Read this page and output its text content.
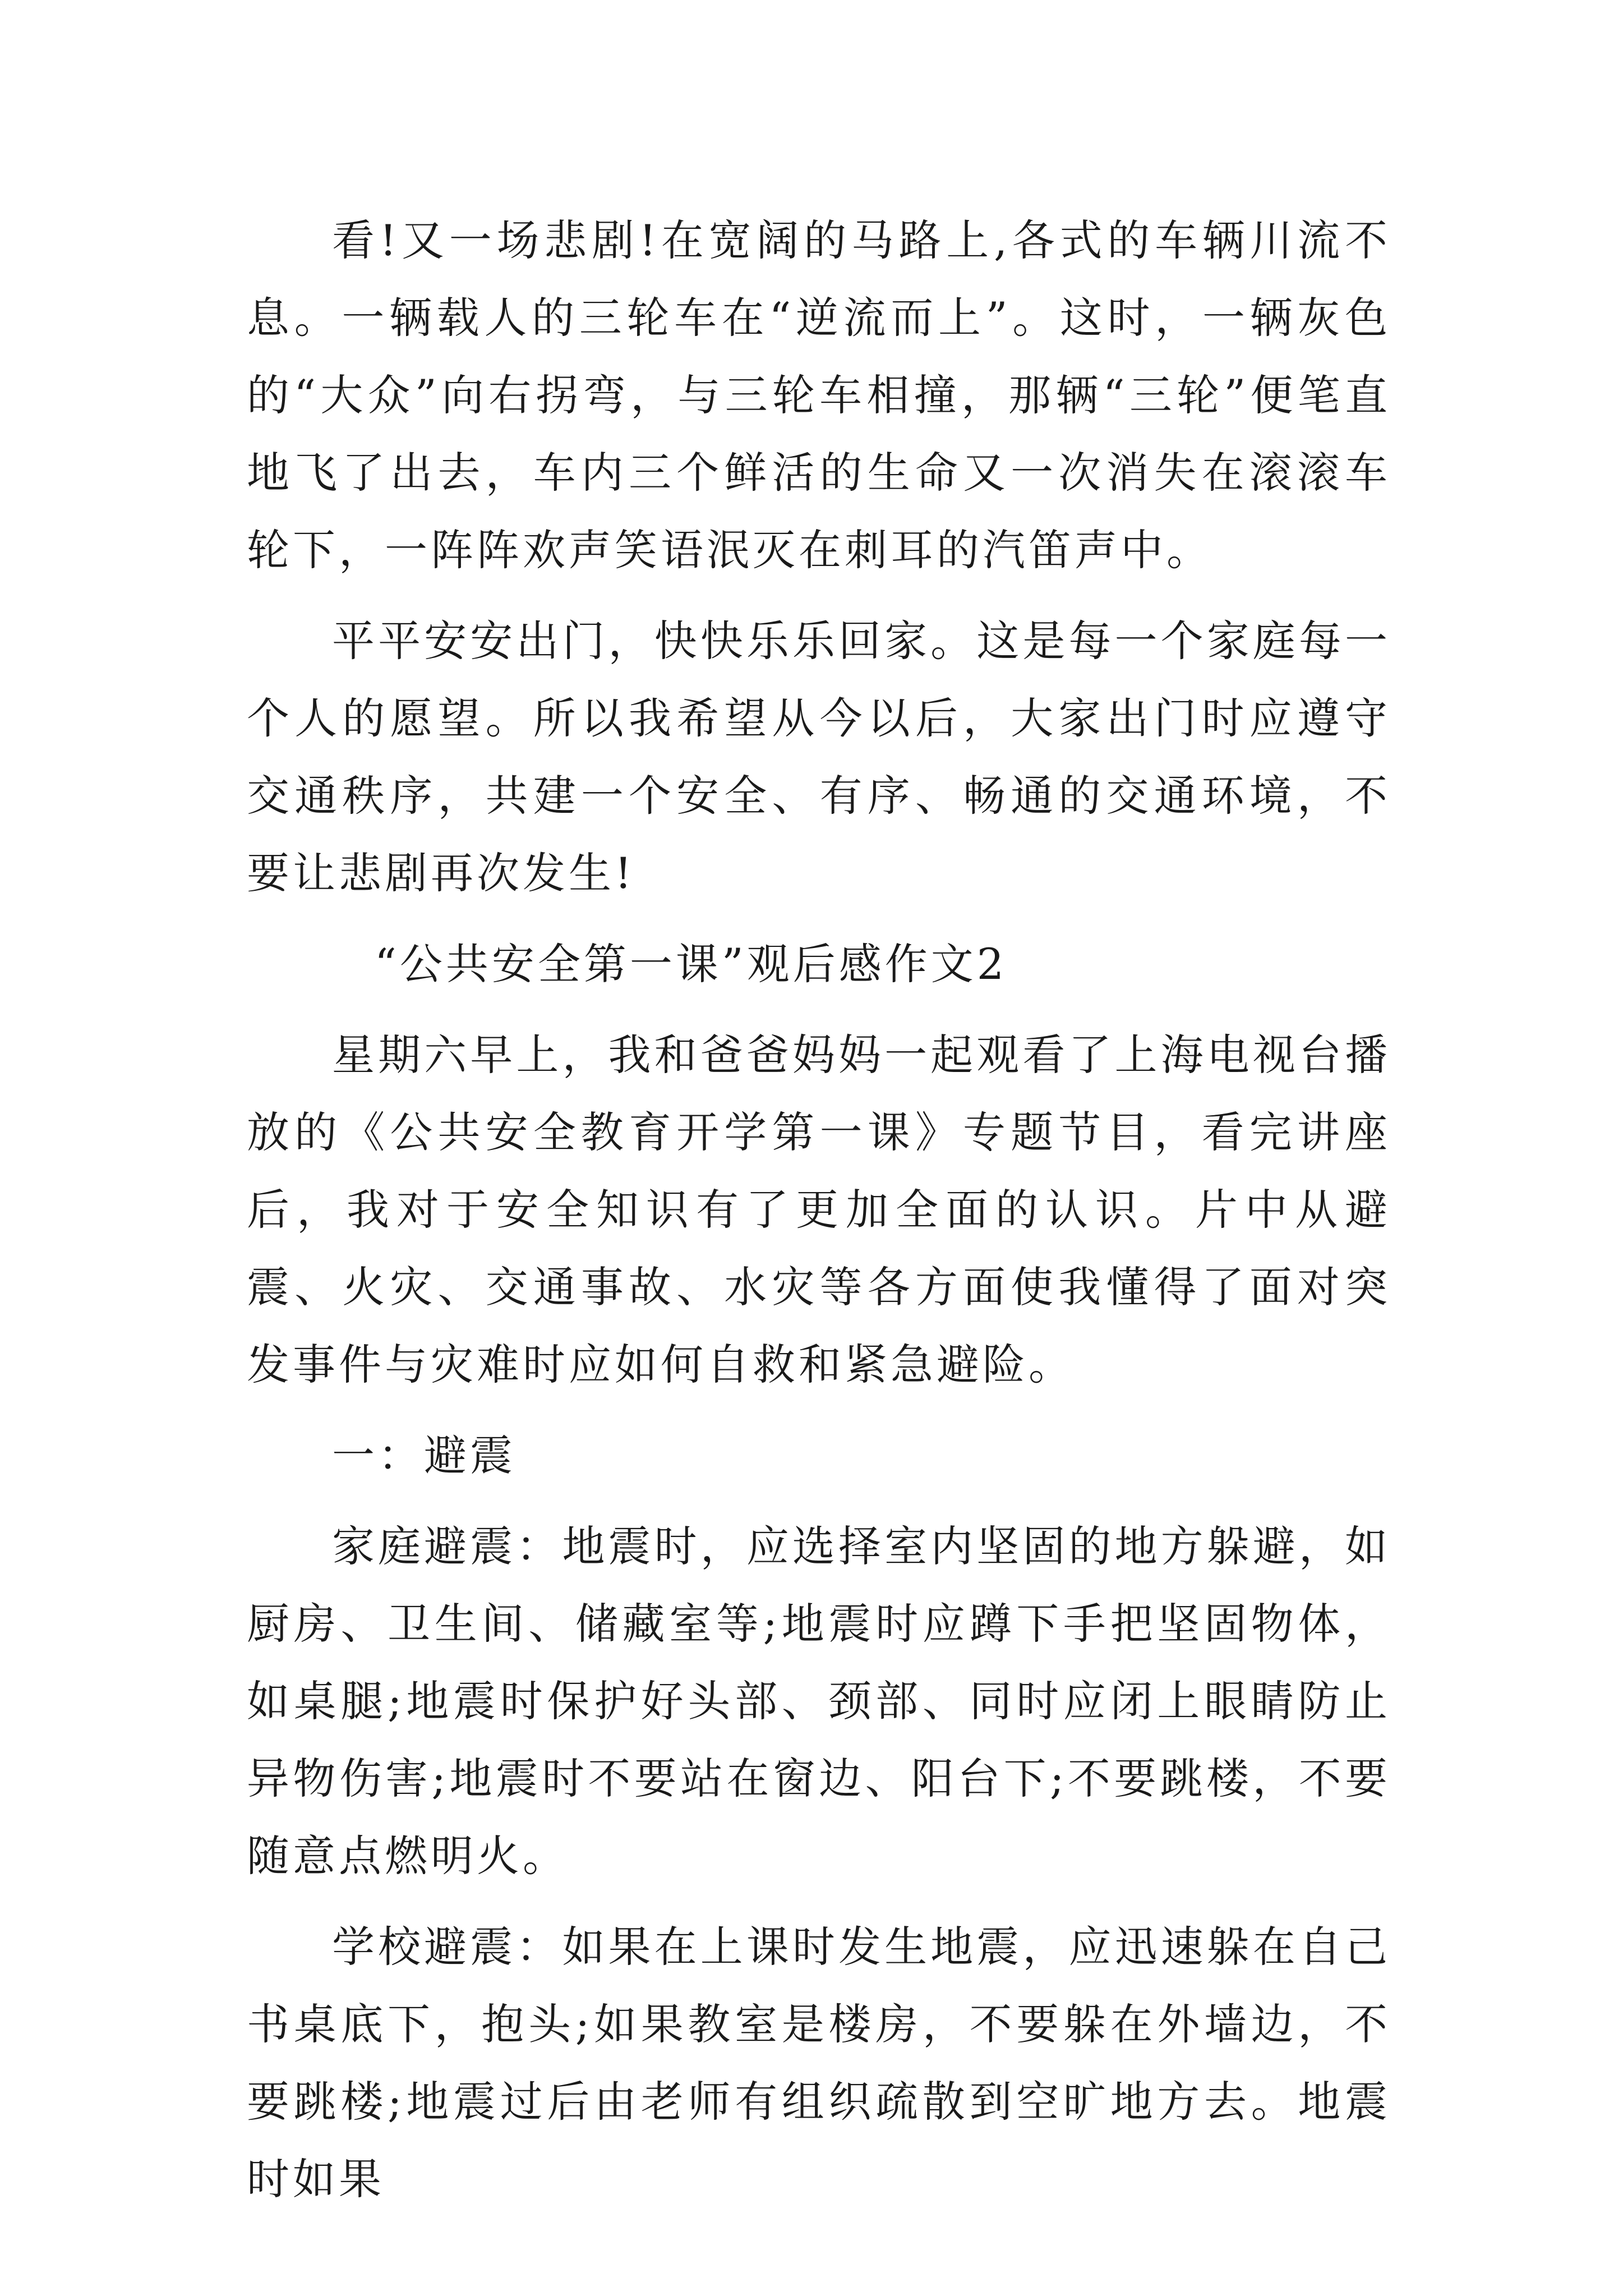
看!又一场悲剧!在宽阔的马路上,各式的车辆川流不息。一辆载人的三轮车在“逆流而上”。这时，一辆灰色的“大众”向右拐弯，与三轮车相撞，那辆“三轮”便笔直地飞了出去，车内三个鲜活的生命又一次消失在滚滚车轮下，一阵阵欢声笑语泯灭在刺耳的汽笛声中。

平平安安出门，快快乐乐回家。这是每一个家庭每一个人的愿望。所以我希望从今以后，大家出门时应遵守交通秩序，共建一个安全、有序、畅通的交通环境，不要让悲剧再次发生!

“公共安全第一课”观后感作文2

星期六早上，我和爸爸妈妈一起观看了上海电视台播放的《公共安全教育开学第一课》专题节目，看完讲座后，我对于安全知识有了更加全面的认识。片中从避震、火灾、交通事故、水灾等各方面使我懂得了面对突发事件与灾难时应如何自救和紧急避险。

一：避震

家庭避震：地震时，应选择室内坚固的地方躲避，如厨房、卫生间、储藏室等;地震时应蹲下手把坚固物体，如桌腿;地震时保护好头部、颈部、同时应闭上眼睛防止异物伤害;地震时不要站在窗边、阳台下;不要跳楼，不要随意点燃明火。

学校避震：如果在上课时发生地震，应迅速躲在自己书桌底下，抱头;如果教室是楼房，不要躲在外墙边，不要跳楼;地震过后由老师有组织疏散到空旷地方去。地震时如果
